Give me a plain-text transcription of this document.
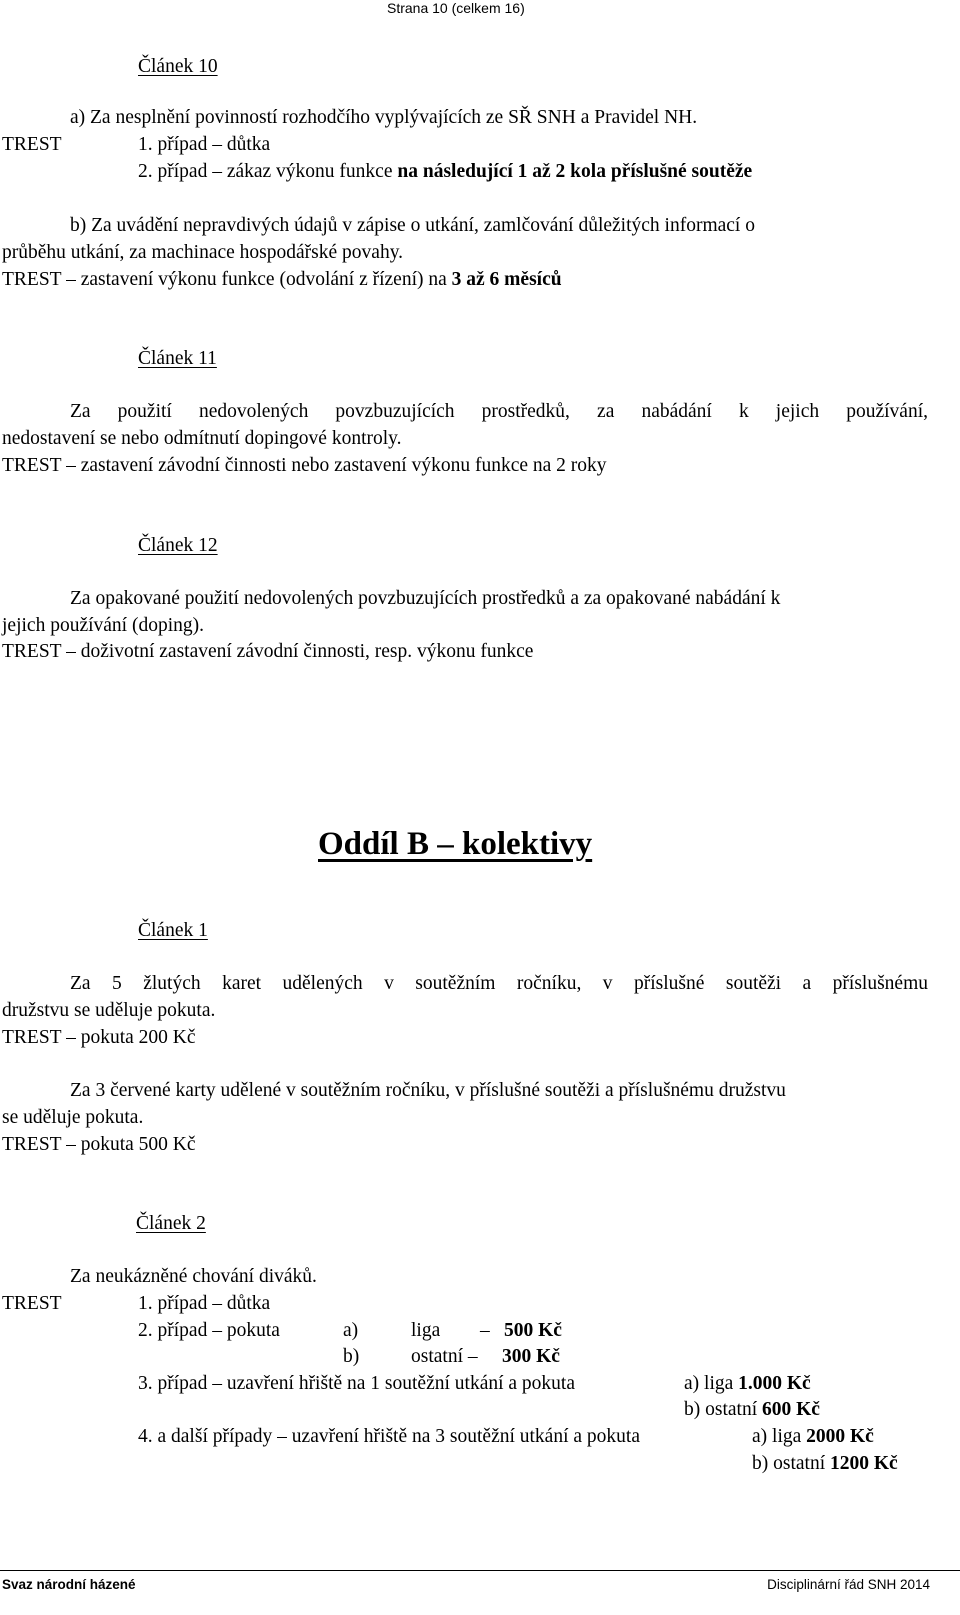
Strana 10 (celkem 16)
Článek 10
a) Za nesplnění povinností rozhodčího vyplývajících ze SŘ SNH a Pravidel NH.
TREST	1. případ – důtka
2. případ – zákaz výkonu funkce na následující 1 až 2 kola příslušné soutěže
b) Za uvádění nepravdivých údajů v zápise o utkání, zamlčování důležitých informací o
průběhu utkání, za machinace hospodářské povahy.
TREST – zastavení výkonu funkce (odvolání z řízení) na 3 až 6 měsíců
Článek 11
Za použití nedovolených povzbuzujících prostředků, za nabádání k jejich používání,
nedostavení se nebo odmítnutí dopingové kontroly.
TREST – zastavení závodní činnosti nebo zastavení výkonu funkce na 2 roky
Článek 12
Za opakované použití nedovolených povzbuzujících prostředků a za opakované nabádání k
jejich používání (doping).
TREST – doživotní zastavení závodní činnosti, resp. výkonu funkce
Oddíl B – kolektivy
Článek 1
Za 5 žlutých karet udělených v soutěžním ročníku, v příslušné soutěži a příslušnému
družstvu se uděluje pokuta.
TREST – pokuta 200 Kč
Za 3 červené karty udělené v soutěžním ročníku, v příslušné soutěži a příslušnému družstvu
se uděluje pokuta.
TREST – pokuta 500 Kč
Článek 2
Za neukázněné chování diváků.
TREST	1. případ – důtka
2. případ – pokuta	a)	liga – 500 Kč
b)	ostatní – 300 Kč
3. případ – uzavření hřiště na 1 soutěžní utkání a pokuta	a) liga 1.000 Kč
b) ostatní 600 Kč
4. a další případy – uzavření hřiště na 3 soutěžní utkání a pokuta	a) liga 2000 Kč
b) ostatní 1200 Kč
Svaz národní házené	Disciplinární řád SNH 2014
